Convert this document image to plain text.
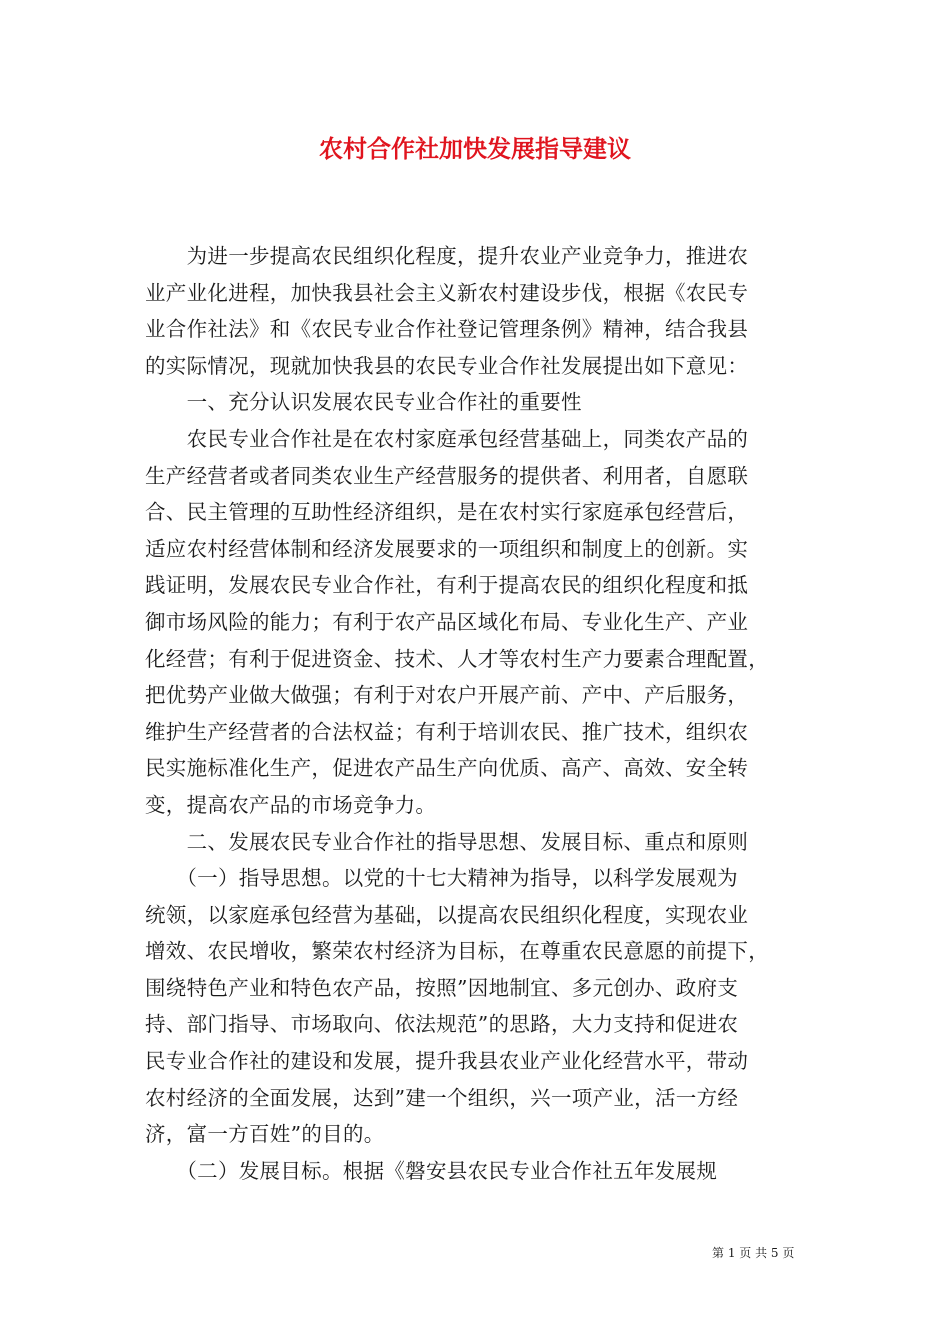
农村合作社加快发展指导建议
　　为进一步提高农民组织化程度，提升农业产业竞争力，推进农
业产业化进程，加快我县社会主义新农村建设步伐，根据《农民专
业合作社法》和《农民专业合作社登记管理条例》精神，结合我县
的实际情况，现就加快我县的农民专业合作社发展提出如下意见：
　　一、充分认识发展农民专业合作社的重要性
　　农民专业合作社是在农村家庭承包经营基础上，同类农产品的
生产经营者或者同类农业生产经营服务的提供者、利用者，自愿联
合、民主管理的互助性经济组织，是在农村实行家庭承包经营后，
适应农村经营体制和经济发展要求的一项组织和制度上的创新。实
践证明，发展农民专业合作社，有利于提高农民的组织化程度和抵
御市场风险的能力；有利于农产品区域化布局、专业化生产、产业
化经营；有利于促进资金、技术、人才等农村生产力要素合理配置，
把优势产业做大做强；有利于对农户开展产前、产中、产后服务，
维护生产经营者的合法权益；有利于培训农民、推广技术，组织农
民实施标准化生产，促进农产品生产向优质、高产、高效、安全转
变，提高农产品的市场竞争力。
　　二、发展农民专业合作社的指导思想、发展目标、重点和原则
　　（一）指导思想。以党的十七大精神为指导，以科学发展观为
统领，以家庭承包经营为基础，以提高农民组织化程度，实现农业
增效、农民增收，繁荣农村经济为目标，在尊重农民意愿的前提下，
围绕特色产业和特色农产品，按照”因地制宜、多元创办、政府支
持、部门指导、市场取向、依法规范”的思路，大力支持和促进农
民专业合作社的建设和发展，提升我县农业产业化经营水平，带动
农村经济的全面发展，达到”建一个组织，兴一项产业，活一方经
济，富一方百姓”的目的。
　　（二）发展目标。根据《磐安县农民专业合作社五年发展规
第 1 页 共 5 页
